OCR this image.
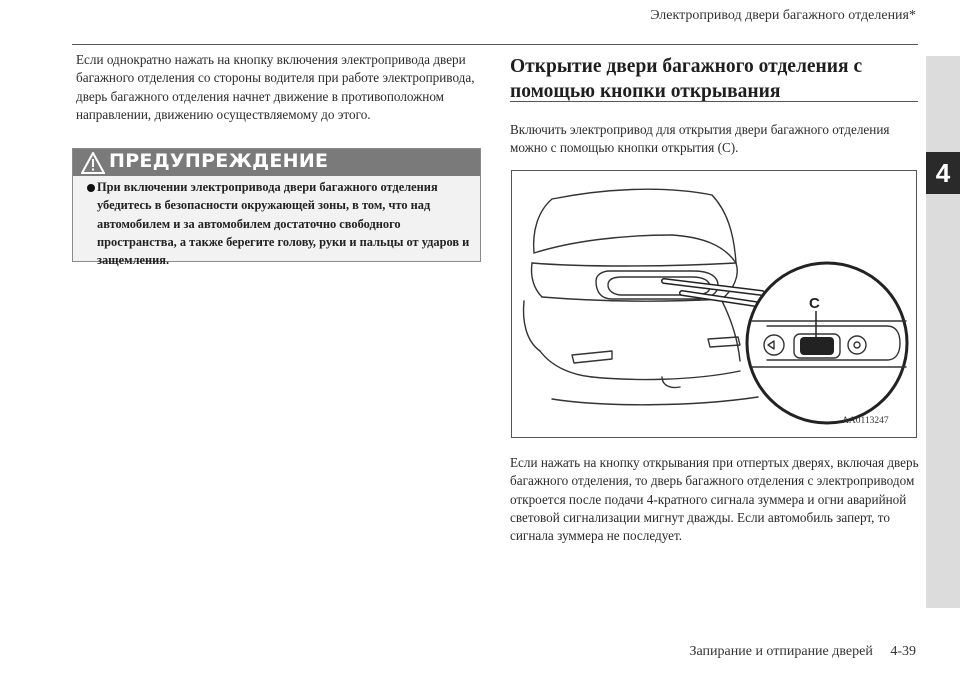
Электропривод двери багажного отделения*
4

Если однократно нажать на кнопку включения электропривода двери багажного отделения со стороны водителя при работе электропривода, дверь багажного отделения начнет движение в противоположном направлении, движению осуществляемому до этого.

ПРЕДУПРЕЖДЕНИЕ
При включении электропривода двери багажного отделения убедитесь в безопасности окружающей зоны, в том, что над автомобилем и за автомобилем достаточно свободного пространства, а также берегите голову, руки и пальцы от ударов и защемления.
Открытие двери багажного отделения с помощью кнопки открывания

Включить электропривод для открытия двери багажного отделения можно с помощью кнопки открытия (C).

C
AA0113247

Если нажать на кнопку открывания при отпертых дверях, включая дверь багажного отделения, то дверь багажного отделения с электроприводом откроется после подачи 4-кратного сигнала зуммера и огни аварийной световой сигнализации мигнут дважды. Если автомобиль заперт, то сигнала зуммера не последует.

Запирание и отпирание дверей     4-39
